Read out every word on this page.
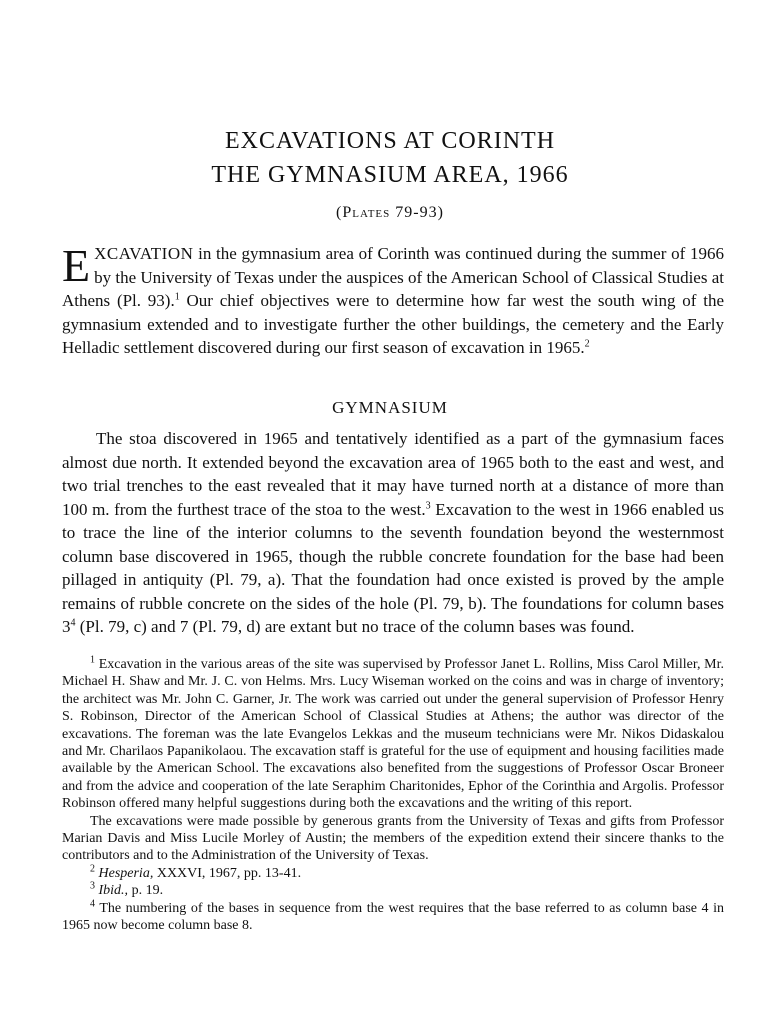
EXCAVATIONS AT CORINTH
THE GYMNASIUM AREA, 1966
(Plates 79-93)
EXCAVATION in the gymnasium area of Corinth was continued during the summer of 1966 by the University of Texas under the auspices of the American School of Classical Studies at Athens (Pl. 93).$^1$ Our chief objectives were to determine how far west the south wing of the gymnasium extended and to investigate further the other buildings, the cemetery and the Early Helladic settlement discovered during our first season of excavation in 1965.$^2$
GYMNASIUM
The stoa discovered in 1965 and tentatively identified as a part of the gymnasium faces almost due north. It extended beyond the excavation area of 1965 both to the east and west, and two trial trenches to the east revealed that it may have turned north at a distance of more than 100 m. from the furthest trace of the stoa to the west.$^3$ Excavation to the west in 1966 enabled us to trace the line of the interior columns to the seventh foundation beyond the westernmost column base discovered in 1965, though the rubble concrete foundation for the base had been pillaged in antiquity (Pl. 79, a). That the foundation had once existed is proved by the ample remains of rubble concrete on the sides of the hole (Pl. 79, b). The foundations for column bases $3^4$ (Pl. 79, c) and 7 (Pl. 79, d) are extant but no trace of the column bases was found.

$^1$ Excavation in the various areas of the site was supervised by Professor Janet L. Rollins, Miss Carol Miller, Mr. Michael H. Shaw and Mr. J. C. von Helms. Mrs. Lucy Wiseman worked on the coins and was in charge of inventory; the architect was Mr. John C. Garner, Jr. The work was carried out under the general supervision of Professor Henry S. Robinson, Director of the American School of Classical Studies at Athens; the author was director of the excavations. The foreman was the late Evangelos Lekkas and the museum technicians were Mr. Nikos Didaskalou and Mr. Charilaos Papanikolaou. The excavation staff is grateful for the use of equipment and housing facilities made available by the American School. The excavations also benefited from the suggestions of Professor Oscar Broneer and from the advice and cooperation of the late Seraphim Charitonides, Ephor of the Corinthia and Argolis. Professor Robinson offered many helpful suggestions during both the excavations and the writing of this report.

The excavations were made possible by generous grants from the University of Texas and gifts from Professor Marian Davis and Miss Lucile Morley of Austin; the members of the expedition extend their sincere thanks to the contributors and to the Administration of the University of Texas.

$^2$ Hesperia, XXXVI, 1967, pp. 13-41.

$^3$ Ibid., p. 19.

$^4$ The numbering of the bases in sequence from the west requires that the base referred to as column base 4 in 1965 now become column base 8.
